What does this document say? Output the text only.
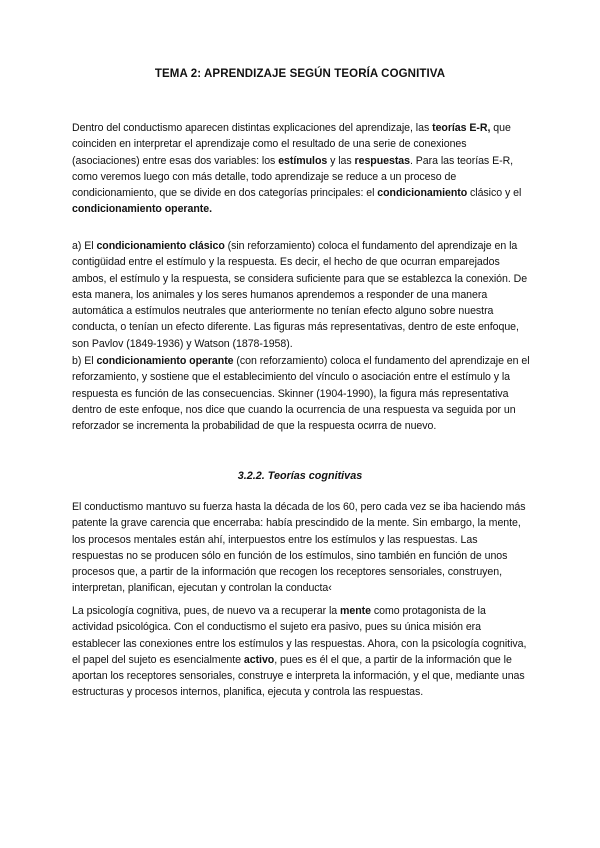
TEMA 2: APRENDIZAJE SEGÚN TEORÍA COGNITIVA

Dentro del conductismo aparecen distintas explicaciones del aprendizaje, las teorías E-R, que coinciden en interpretar el aprendizaje como el resultado de una serie de conexiones (asociaciones) entre esas dos variables: los estímulos y las respuestas. Para las teorías E-R, como veremos luego con más detalle, todo aprendizaje se reduce a un proceso de condicionamiento, que se divide en dos categorías principales: el condicionamiento clásico y el condicionamiento operante.

a) El condicionamiento clásico (sin reforzamiento) coloca el fundamento del aprendizaje en la contigüidad entre el estímulo y la respuesta. Es decir, el hecho de que ocurran emparejados ambos, el estímulo y la respuesta, se considera suficiente para que se establezca la conexión. De esta manera, los animales y los seres humanos aprendemos a responder de una manera automática a estímulos neutrales que anteriormente no tenían efecto alguno sobre nuestra conducta, o tenían un efecto diferente. Las figuras más representativas, dentro de este enfoque, son Pavlov (1849-1936) y Watson (1878-1958).

b) El condicionamiento operante (con reforzamiento) coloca el fundamento del aprendizaje en el reforzamiento, y sostiene que el establecimiento del vínculo o asociación entre el estímulo y la respuesta es función de las consecuencias. Skinner (1904-1990), la figura más representativa dentro de este enfoque, nos dice que cuando la ocurrencia de una respuesta va seguida por un reforzador se incrementa la probabilidad de que la respuesta ocиrra de nuevo.

3.2.2. Teorías cognitivas

El conductismo mantuvo su fuerza hasta la década de los 60, pero cada vez se iba haciendo más patente la grave carencia que encerraba: había prescindido de la mente. Sin embargo, la mente, los procesos mentales están ahí, interpuestos entre los estímulos y las respuestas. Las respuestas no se producen sólo en función de los estímulos, sino también en función de unos procesos que, a partir de la información que recogen los receptores sensoriales, construyen, interpretan, planifican, ejecutan y controlan la conducta‹

La psicología cognitiva, pues, de nuevo va a recuperar la mente como protagonista de la actividad psicológica. Con el conductismo el sujeto era pasivo, pues su única misión era establecer las conexiones entre los estímulos y las respuestas. Ahora, con la psicología cognitiva, el papel del sujeto es esencialmente activo, pues es él el que, a partir de la información que le aportan los receptores sensoriales, construye e interpreta la información, y el que, mediante unas estructuras y procesos internos, planifica, ejecuta y controla las respuestas.
